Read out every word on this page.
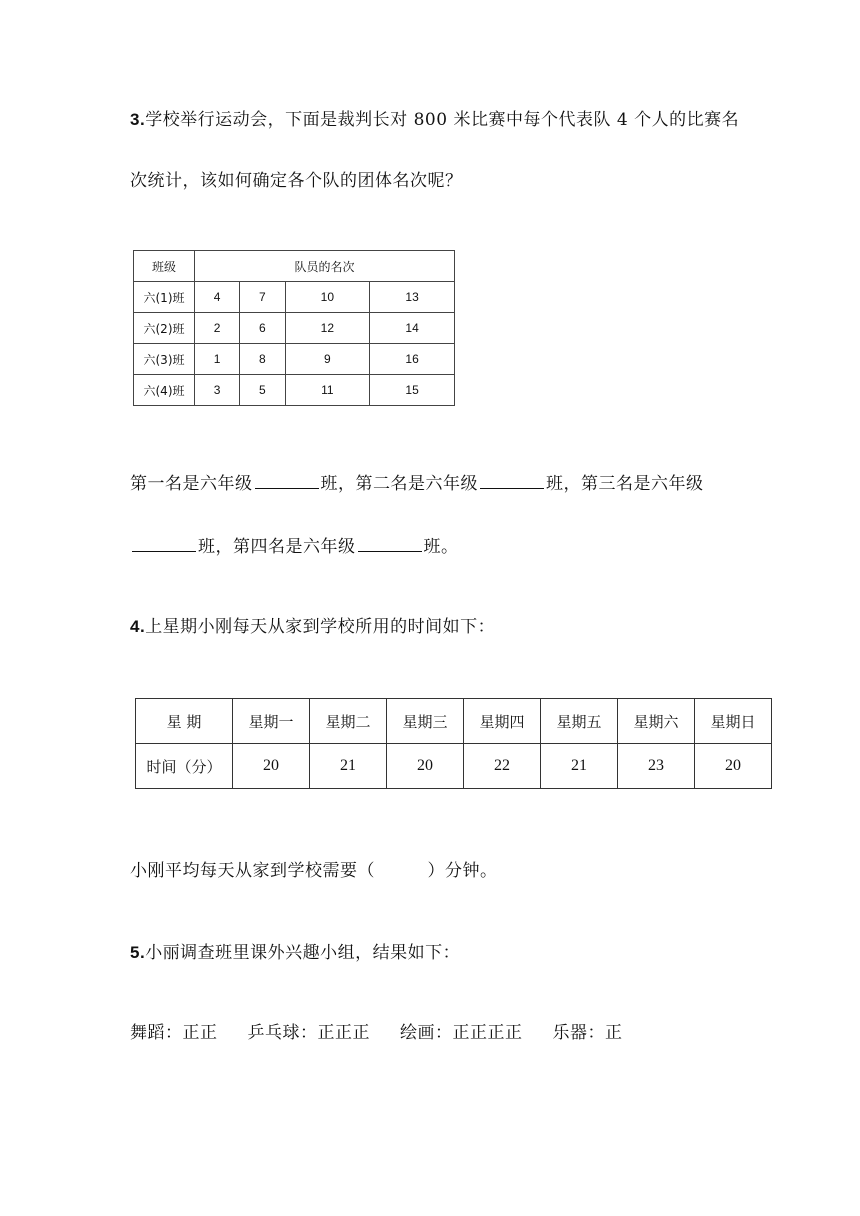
3.学校举行运动会，下面是裁判长对 800 米比赛中每个代表队 4 个人的比赛名
次统计，该如何确定各个队的团体名次呢？
班级	队员的名次			
六(1)班	4	7	10	13
六(2)班	2	6	12	14
六(3)班	1	8	9	16
六(4)班	3	5	11	15
第一名是六年级	班，第二名是六年级	班，第三名是六年级
班，第四名是六年级	班。
4.上星期小刚每天从家到学校所用的时间如下：
星 期	星期一	星期二	星期三	星期四	星期五	星期六	星期日
时间（分）	20	21	20	22	21	23	20
小刚平均每天从家到学校需要（　　　）分钟。
5.小丽调查班里课外兴趣小组，结果如下：
舞蹈：正正 乒乓球：正正正 绘画：正正正正 乐器：正
